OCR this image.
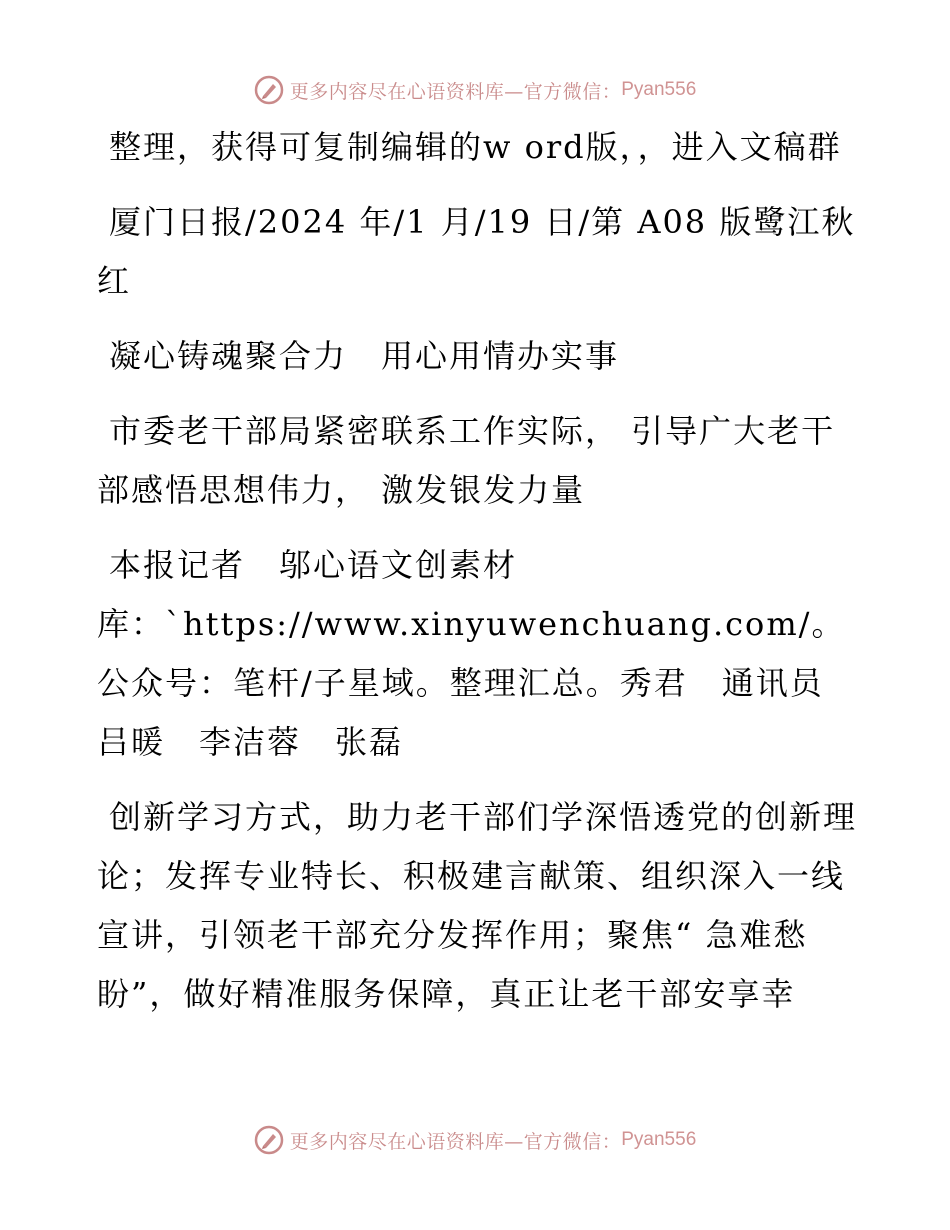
更多内容尽在心语资料库—官方微信： Pyan556

整理，获得可复制编辑的w ord版，，进入文稿群

厦门日报/2024 年/1 月/19 日/第 A08 版鹭江秋红

凝心铸魂聚合力　用心用情办实事

市委老干部局紧密联系工作实际， 引导广大老干部感悟思想伟力， 激发银发力量

本报记者　邬心语文创素材

库：`https://www.xinyuwenchuang.com/。公众号：笔杆/子星域。整理汇总。秀君　通讯员　吕暖　李洁蓉　张磊

创新学习方式，助力老干部们学深悟透党的创新理论；发挥专业特长、积极建言献策、组织深入一线宣讲，引领老干部充分发挥作用；聚焦“ 急难愁盼”，做好精准服务保障，真正让老干部安享幸

更多内容尽在心语资料库—官方微信： Pyan556
